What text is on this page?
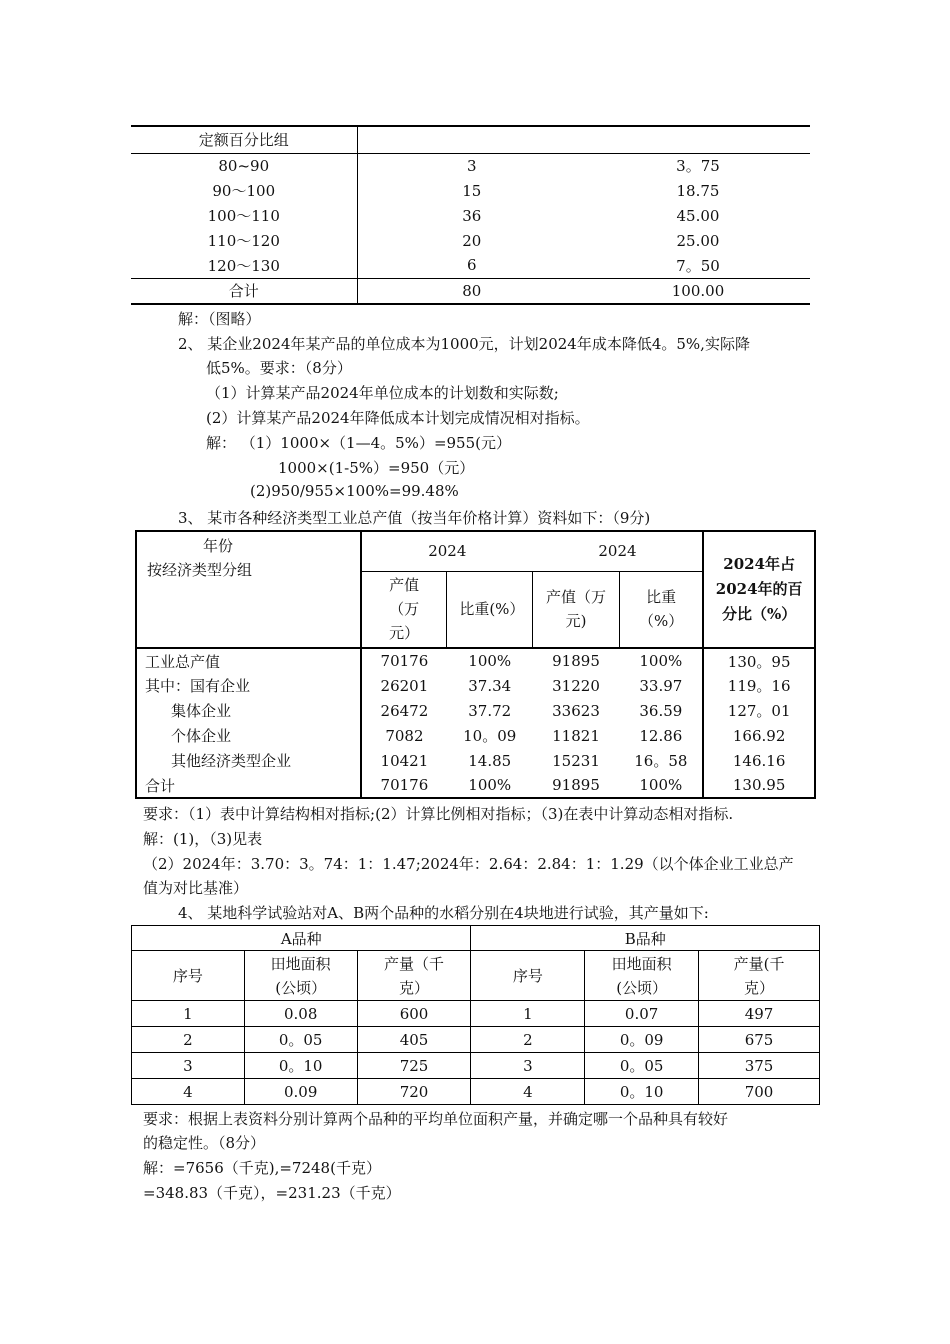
定额百分比组		
80~90	3	3。75
90～100	15	18.75
100～110	36	45.00
110～120	20	25.00
120～130	6	7。50
合计	80	100.00
解：（图略）
2、 某企业2024年某产品的单位成本为1000元，计划2024年成本降低4。5%,实际降
低5%。要求：（8分）
（1）计算某产品2024年单位成本的计划数和实际数;
(2）计算某产品2024年降低成本计划完成情况相对指标。
解： （1）1000×（1—4。5%）=955(元）
1000×(1-5%）=950（元）
(2)950/955×100%=99.48%
3、 某市各种经济类型工业总产值（按当年价格计算）资料如下：（9分)
年份
按经济类型分组	2024		2024		2024年占2024年的百分比（%）
	产值（万元）	比重(%）	产值（万元)	比重（%）	
工业总产值	70176	100%	91895	100%	130。95
其中：国有企业	26201	37.34	31220	33.97	119。16
集体企业	26472	37.72	33623	36.59	127。01
个体企业	7082	10。09	11821	12.86	166.92
其他经济类型企业	10421	14.85	15231	16。58	146.16
合计	70176	100%	91895	100%	130.95
要求：（1）表中计算结构相对指标;(2）计算比例相对指标；（3)在表中计算动态相对指标.
解：(1)，（3)见表
（2）2024年：3.70：3。74：1：1.47;2024年：2.64：2.84：1：1.29（以个体企业工业总产
值为对比基准）
4、 某地科学试验站对A、B两个品种的水稻分别在4块地进行试验，其产量如下:
A品种			B品种		
序号	田地面积(公顷）	产量（千克）	序号	田地面积(公顷）	产量(千克）
1	0.08	600	1	0.07	497
2	0。05	405	2	0。09	675
3	0。10	725	3	0。05	375
4	0.09	720	4	0。10	700
要求：根据上表资料分别计算两个品种的平均单位面积产量，并确定哪一个品种具有较好
的稳定性。（8分）
解：=7656（千克),=7248(千克）
=348.83（千克），=231.23（千克）
